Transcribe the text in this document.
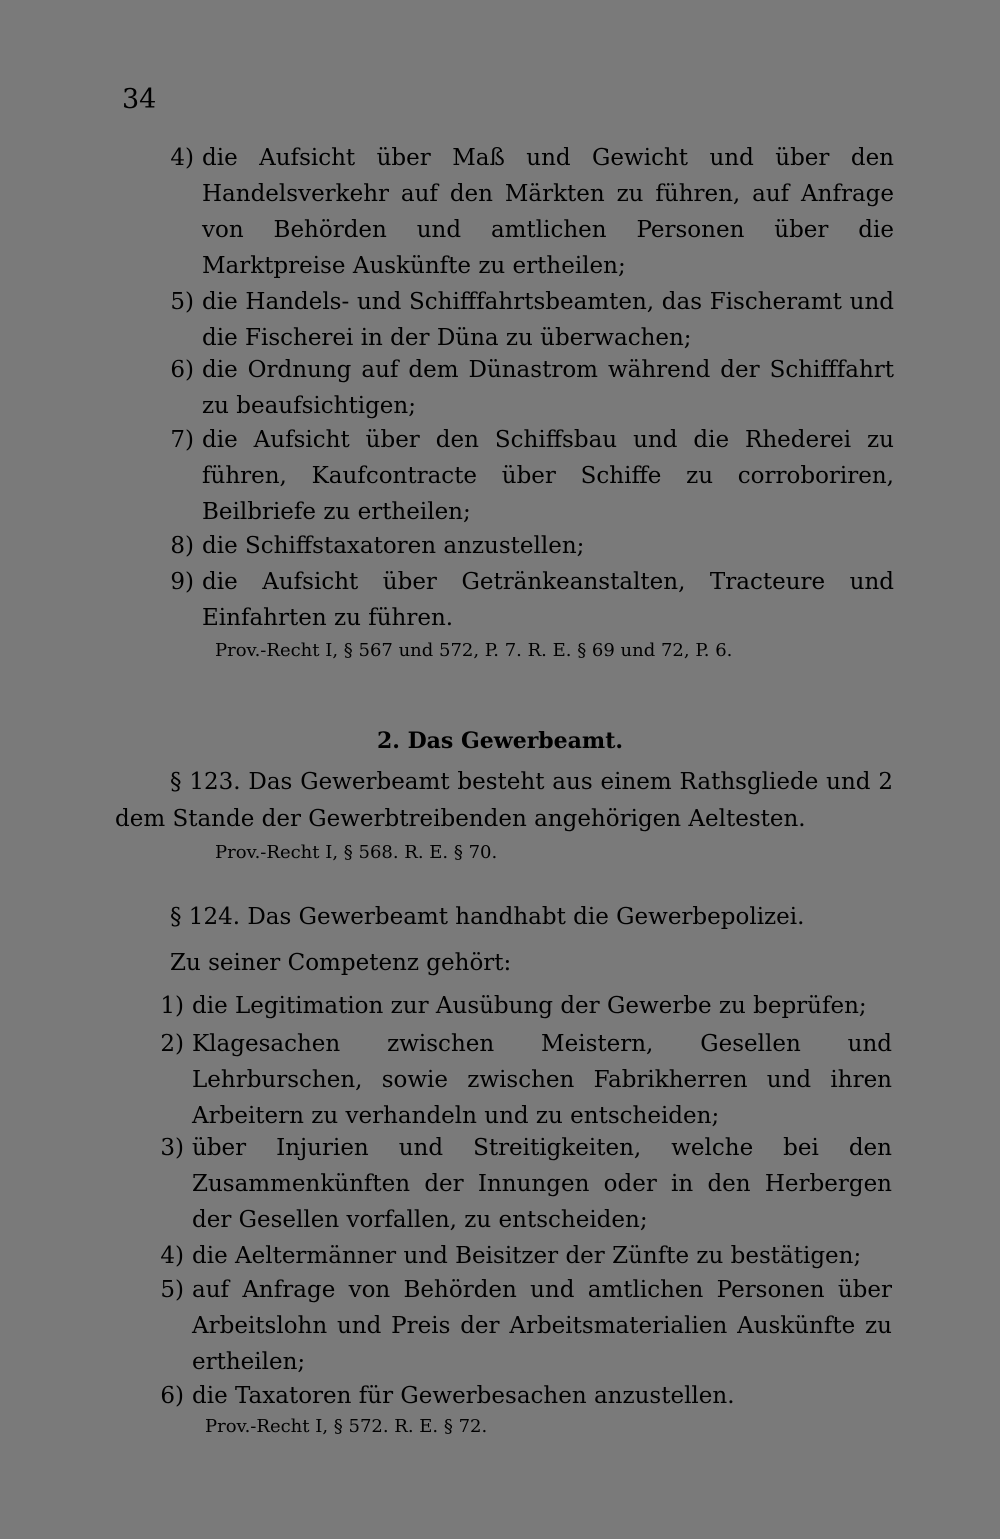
34
4) die Aufsicht über Maß und Gewicht und über den Handelsverkehr auf den Märkten zu führen, auf Anfrage von Behörden und amtlichen Personen über die Marktpreise Auskünfte zu ertheilen;
5) die Handels- und Schifffahrtsbeamten, das Fischeramt und die Fischerei in der Düna zu überwachen;
6) die Ordnung auf dem Dünastrom während der Schifffahrt zu beaufsichtigen;
7) die Aufsicht über den Schiffsbau und die Rhederei zu führen, Kaufcontracte über Schiffe zu corroboriren, Beilbriefe zu ertheilen;
8) die Schiffstaxatoren anzustellen;
9) die Aufsicht über Getränkeanstalten, Tracteure und Einfahrten zu führen.
Prov.-Recht I, § 567 und 572, P. 7. R. E. § 69 und 72, P. 6.
2. Das Gewerbeamt.
§ 123. Das Gewerbeamt besteht aus einem Rathsgliede und 2 dem Stande der Gewerbtreibenden angehörigen Aeltesten.
Prov.-Recht I, § 568. R. E. § 70.
§ 124. Das Gewerbeamt handhabt die Gewerbepolizei.
Zu seiner Competenz gehört:
1) die Legitimation zur Ausübung der Gewerbe zu beprüfen;
2) Klagesachen zwischen Meistern, Gesellen und Lehrburschen, sowie zwischen Fabrikherren und ihren Arbeitern zu verhandeln und zu entscheiden;
3) über Injurien und Streitigkeiten, welche bei den Zusammenkünften der Innungen oder in den Herbergen der Gesellen vorfallen, zu entscheiden;
4) die Aeltermänner und Beisitzer der Zünfte zu bestätigen;
5) auf Anfrage von Behörden und amtlichen Personen über Arbeitslohn und Preis der Arbeitsmaterialien Auskünfte zu ertheilen;
6) die Taxatoren für Gewerbesachen anzustellen.
Prov.-Recht I, § 572. R. E. § 72.
